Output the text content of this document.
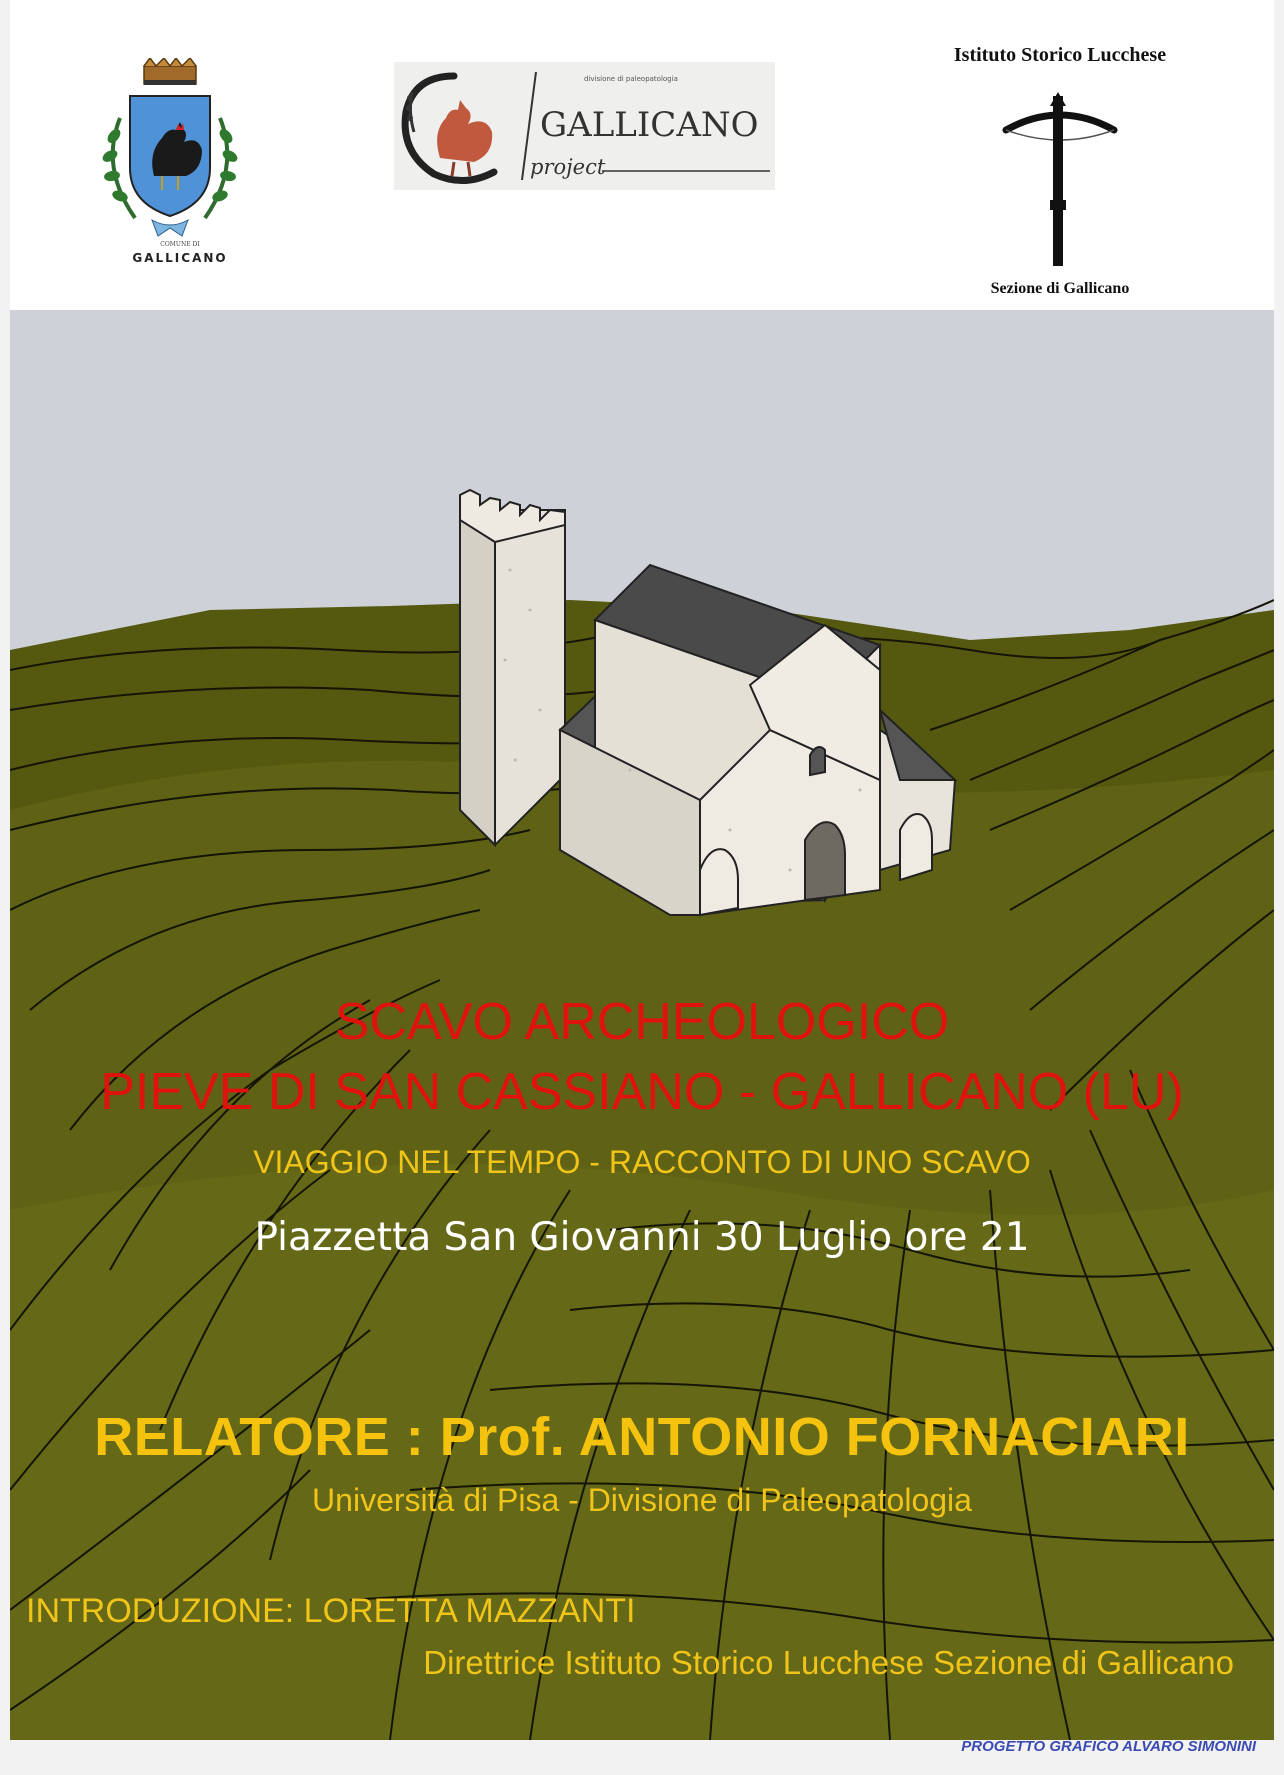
COMUNE DI
GALLICANO
divisione di paleopatologia
GALLICANO
project
Istituto Storico Lucchese
Sezione di Gallicano
SCAVO ARCHEOLOGICO
PIEVE DI SAN CASSIANO - GALLICANO (LU)
VIAGGIO NEL TEMPO - RACCONTO DI UNO SCAVO
Piazzetta San Giovanni 30 Luglio ore 21
RELATORE : Prof. ANTONIO FORNACIARI
Università di Pisa - Divisione di Paleopatologia
INTRODUZIONE: LORETTA MAZZANTI
Direttrice Istituto Storico Lucchese Sezione di Gallicano
PROGETTO GRAFICO ALVARO SIMONINI
